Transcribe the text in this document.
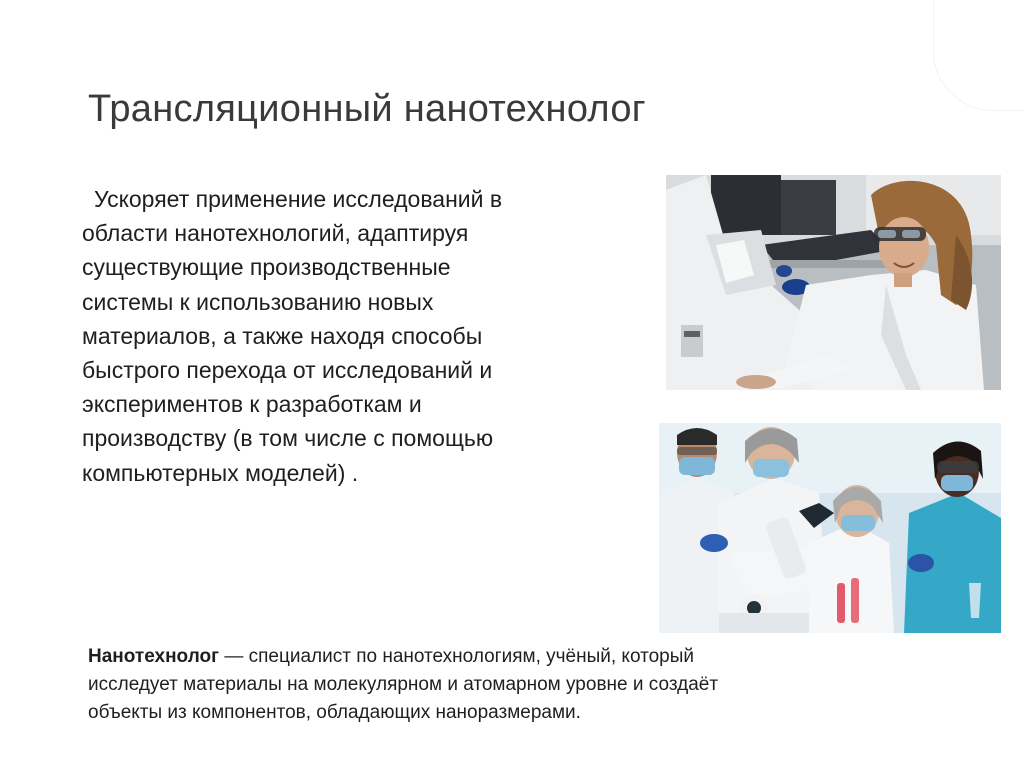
Трансляционный нанотехнолог
Ускоряет применение исследований в
области нанотехнологий, адаптируя
существующие производственные
системы к использованию новых
материалов, а также находя способы
быстрого перехода от исследований и
экспериментов к разработкам и
производству (в том числе с помощью
компьютерных моделей) .
Нанотехнолог — специалист по нанотехнологиям, учёный, который
исследует материалы на молекулярном и атомарном уровне и создаёт
объекты из компонентов, обладающих наноразмерами.
